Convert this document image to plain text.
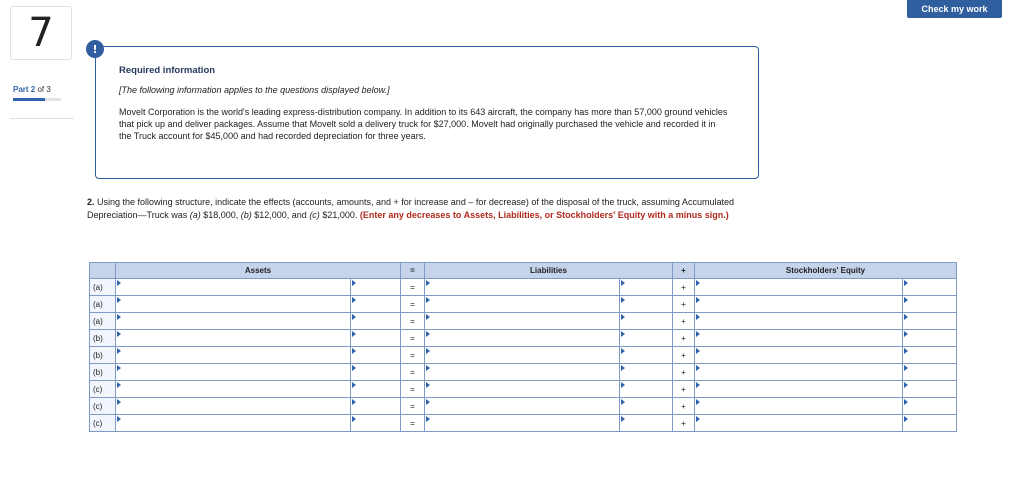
7
Part 2 of 3
Check my work
!
Required information
[The following information applies to the questions displayed below.]
Movelt Corporation is the world's leading express-distribution company. In addition to its 643 aircraft, the company has more than 57,000 ground vehicles that pick up and deliver packages. Assume that Movelt sold a delivery truck for $27,000. Movelt had originally purchased the vehicle and recorded it in the Truck account for $45,000 and had recorded depreciation for three years.
2. Using the following structure, indicate the effects (accounts, amounts, and + for increase and – for decrease) of the disposal of the truck, assuming Accumulated Depreciation—Truck was (a) $18,000, (b) $12,000, and (c) $21,000. (Enter any decreases to Assets, Liabilities, or Stockholders' Equity with a minus sign.)
	Assets		=	Liabilities		+	Stockholders' Equity	
(a)			=			+	

(a)			=			+	

(a)			=			+	

(b)			=			+	

(b)			=			+	

(b)			=			+	

(c)			=			+	

(c)			=			+	

(c)			=			+	
